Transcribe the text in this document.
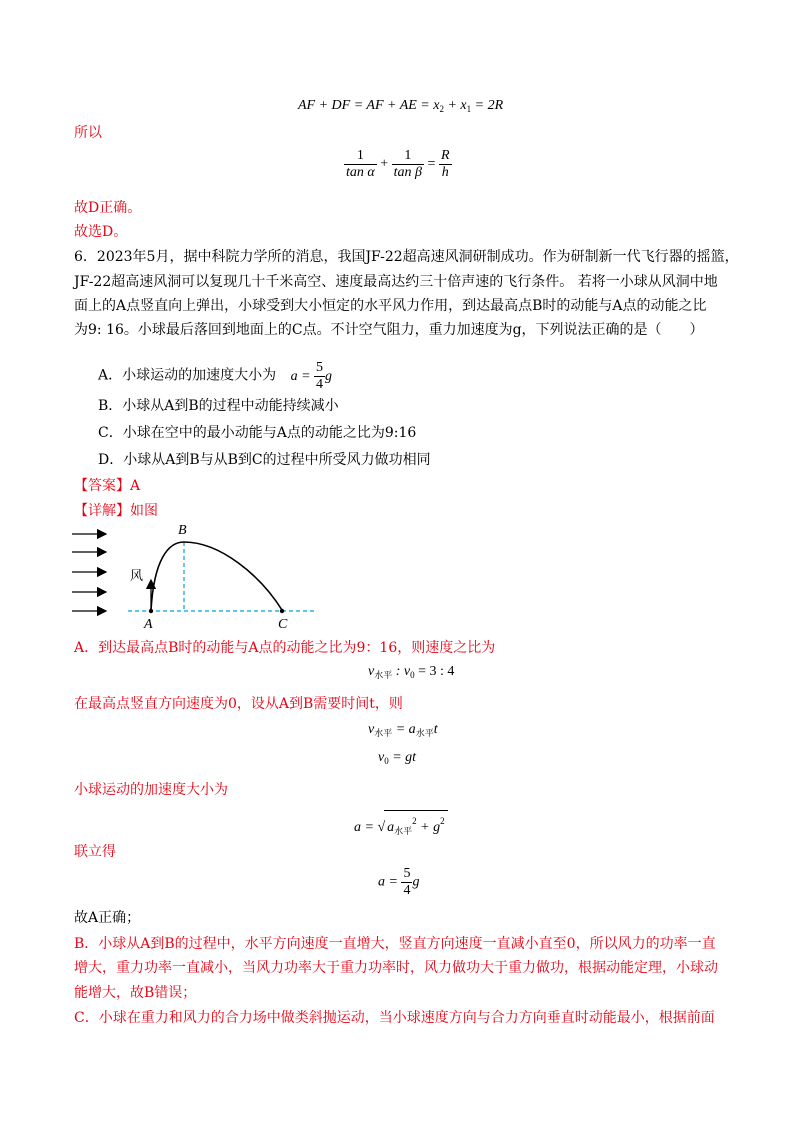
AF + DF = AF + AE = $x_2 + x_1 = 2R$
所以
$\frac{1}{\text{tan α}} + \frac{1}{\text{tan β}} = \frac{R}{h}$
故D正确。
故选D。
6．2023年5月，据中科院力学所的消息，我国JF-22超高速风洞研制成功。作为研制新一代飞行器的摇篮，
JF-22超高速风洞可以复现几十千米高空、速度最高达约三十倍声速的飞行条件。 若将一小球从风洞中地
面上的A点竖直向上弹出，小球受到大小恒定的水平风力作用，到达最高点B时的动能与A点的动能之比
为9: 16。小球最后落回到地面上的C点。不计空气阻力，重力加速度为g，下列说法正确的是（　　）
A．小球运动的加速度大小为 $a = \frac{5}{4}$ g
B．小球从A到B的过程中动能持续减小
C．小球在空中的最小动能与A点的动能之比为9:16
D．小球从A到B与从B到C的过程中所受风力做功相同
【答案】A
【详解】如图
B
风
A	C
A．到达最高点B时的动能与A点的动能之比为9：16，则速度之比为
$v_{水平}$ : $v_0 = 3$ : 4
在最高点竖直方向速度为0，设从A到B需要时间t，则
$v_{水平} = a_{水平}t$
$v_0$ = gt
小球运动的加速度大小为
a = √ $a_{水平}^2 + g^2$
联立得
$a = \frac{5}{4}$ g
故A正确；
B．小球从A到B的过程中，水平方向速度一直增大，竖直方向速度一直减小直至0，所以风力的功率一直
增大，重力功率一直减小，当风力功率大于重力功率时，风力做功大于重力做功，根据动能定理，小球动
能增大，故B错误；
C．小球在重力和风力的合力场中做类斜抛运动，当小球速度方向与合力方向垂直时动能最小，根据前面
